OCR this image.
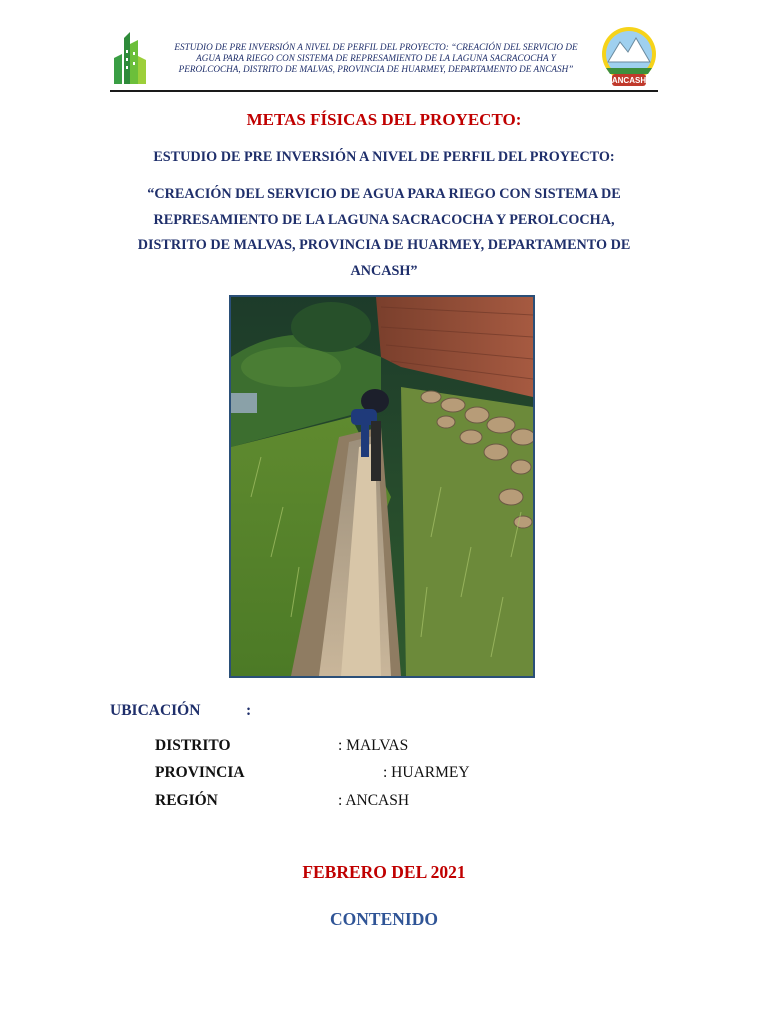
ESTUDIO DE PRE INVERSIÓN A NIVEL DE PERFIL DEL PROYECTO: “CREACIÓN DEL SERVICIO DE AGUA PARA RIEGO CON SISTEMA DE REPRESAMIENTO DE LA LAGUNA SACRACOCHA Y PEROLCOCHA, DISTRITO DE MALVAS, PROVINCIA DE HUARMEY, DEPARTAMENTO DE ANCASH”
ANCASH
METAS FÍSICAS DEL PROYECTO:
ESTUDIO DE PRE INVERSIÓN A NIVEL DE PERFIL DEL PROYECTO:
“CREACIÓN DEL SERVICIO DE AGUA PARA RIEGO CON SISTEMA DE
REPRESAMIENTO DE LA LAGUNA SACRACOCHA Y PEROLCOCHA,
DISTRITO DE MALVAS, PROVINCIA DE HUARMEY, DEPARTAMENTO DE
ANCASH”
UBICACIÓN	:
DISTRITO	: MALVAS
PROVINCIA	: HUARMEY
REGIÓN	: ANCASH
FEBRERO DEL 2021
CONTENIDO
